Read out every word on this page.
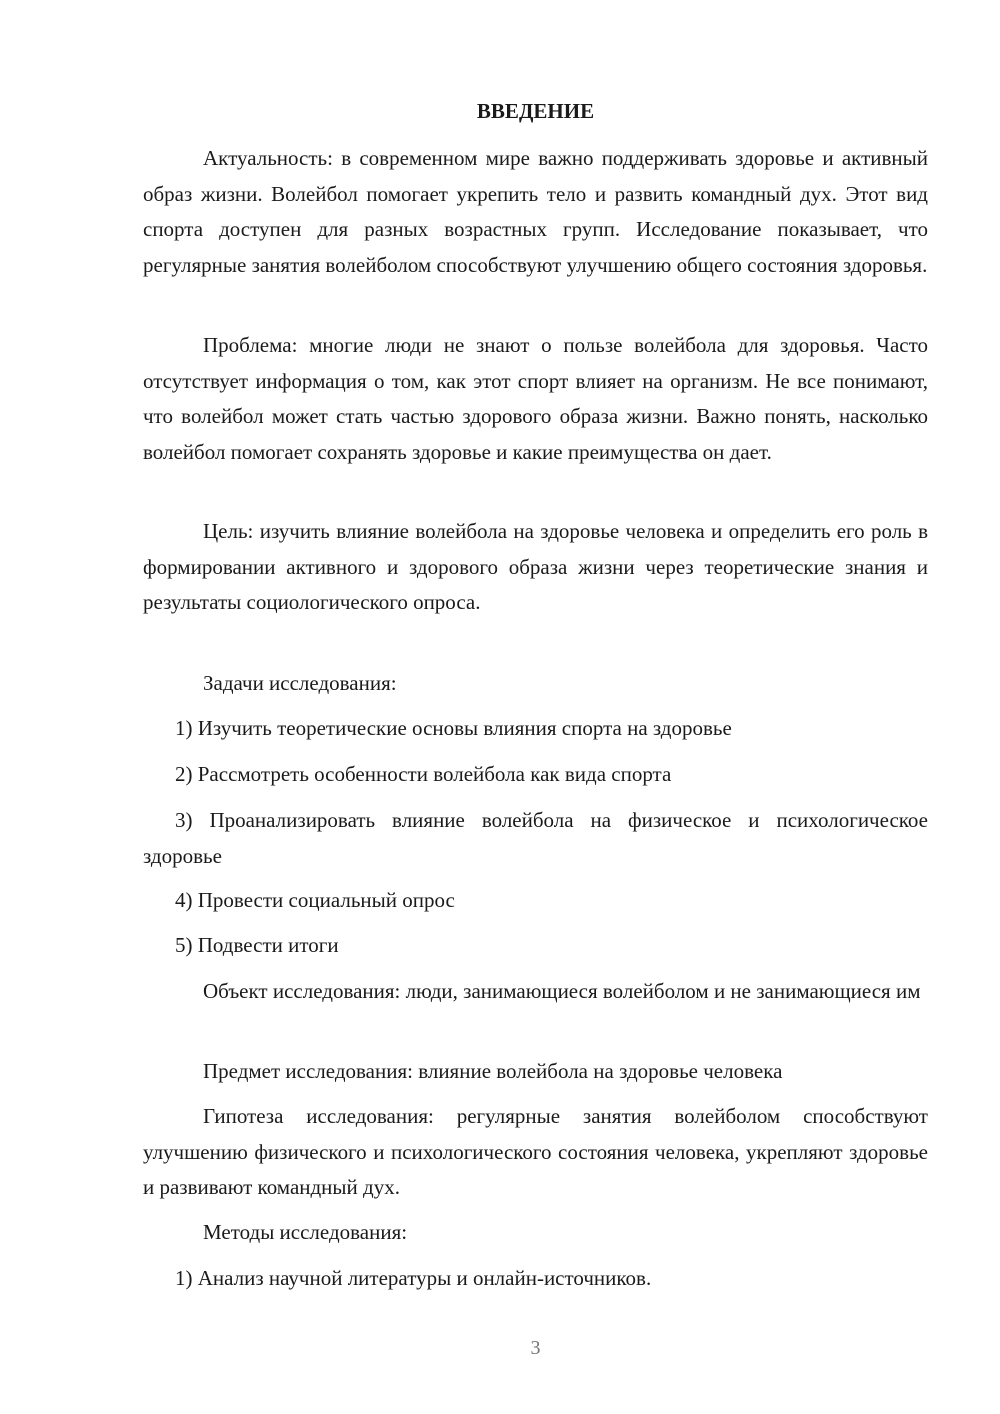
ВВЕДЕНИЕ
Актуальность: в современном мире важно поддерживать здоровье и активный образ жизни. Волейбол помогает укрепить тело и развить командный дух. Этот вид спорта доступен для разных возрастных групп. Исследование показывает, что регулярные занятия волейболом способствуют улучшению общего состояния здоровья.
Проблема: многие люди не знают о пользе волейбола для здоровья. Часто отсутствует информация о том, как этот спорт влияет на организм. Не все понимают, что волейбол может стать частью здорового образа жизни. Важно понять, насколько волейбол помогает сохранять здоровье и какие преимущества он дает.
Цель: изучить влияние волейбола на здоровье человека и определить его роль в формировании активного и здорового образа жизни через теоретические знания и результаты социологического опроса.
Задачи исследования:
1) Изучить теоретические основы влияния спорта на здоровье
2) Рассмотреть особенности волейбола как вида спорта
3) Проанализировать влияние волейбола на физическое и психологическое здоровье
4) Провести социальный опрос
5) Подвести итоги
Объект исследования: люди, занимающиеся волейболом и не занимающиеся им
Предмет исследования: влияние волейбола на здоровье человека
Гипотеза исследования: регулярные занятия волейболом способствуют улучшению физического и психологического состояния человека, укрепляют здоровье и развивают командный дух.
Методы исследования:
1) Анализ научной литературы и онлайн-источников.
3
